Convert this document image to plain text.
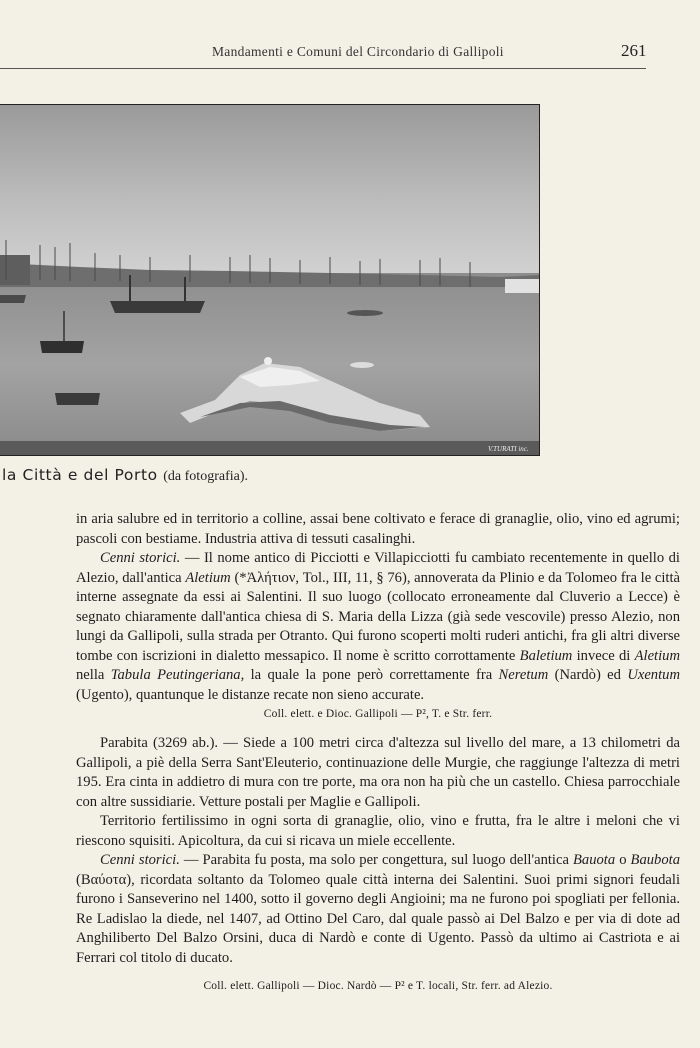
Mandamenti e Comuni del Circondario di Gallipoli	261
V.TURATI inc.
la Città e del Porto (da fotografia).

in aria salubre ed in territorio a colline, assai bene coltivato e ferace di granaglie, olio, vino ed agrumi; pascoli con bestiame. Industria attiva di tessuti casalinghi.

Cenni storici. — Il nome antico di Picciotti e Villapicciotti fu cambiato recentemente in quello di Alezio, dall'antica Aletium (*Ἀλήτιον, Tol., III, 11, § 76), annoverata da Plinio e da Tolomeo fra le città interne assegnate da essi ai Salentini. Il suo luogo (collocato erroneamente dal Cluverio a Lecce) è segnato chiaramente dall'antica chiesa di S. Maria della Lizza (già sede vescovile) presso Alezio, non lungi da Gallipoli, sulla strada per Otranto. Qui furono scoperti molti ruderi antichi, fra gli altri diverse tombe con iscrizioni in dialetto messapico. Il nome è scritto corrottamente Baletium invece di Aletium nella Tabula Peutingeriana, la quale la pone però correttamente fra Neretum (Nardò) ed Uxentum (Ugento), quantunque le distanze recate non sieno accurate.

Coll. elett. e Dioc. Gallipoli — P², T. e Str. ferr.

Parabita (3269 ab.). — Siede a 100 metri circa d'altezza sul livello del mare, a 13 chilometri da Gallipoli, a piè della Serra Sant'Eleuterio, continuazione delle Murgie, che raggiunge l'altezza di metri 195. Era cinta in addietro di mura con tre porte, ma ora non ha più che un castello. Chiesa parrocchiale con altre sussidiarie. Vetture postali per Maglie e Gallipoli.

Territorio fertilissimo in ogni sorta di granaglie, olio, vino e frutta, fra le altre i meloni che vi riescono squisiti. Apicoltura, da cui si ricava un miele eccellente.

Cenni storici. — Parabita fu posta, ma solo per congettura, sul luogo dell'antica Bauota o Baubota (Βαύοτα), ricordata soltanto da Tolomeo quale città interna dei Salentini. Suoi primi signori feudali furono i Sanseverino nel 1400, sotto il governo degli Angioini; ma ne furono poi spogliati per fellonia. Re Ladislao la diede, nel 1407, ad Ottino Del Caro, dal quale passò ai Del Balzo e per via di dote ad Anghiliberto Del Balzo Orsini, duca di Nardò e conte di Ugento. Passò da ultimo ai Castriota e ai Ferrari col titolo di ducato.

Coll. elett. Gallipoli — Dioc. Nardò — P² e T. locali, Str. ferr. ad Alezio.
